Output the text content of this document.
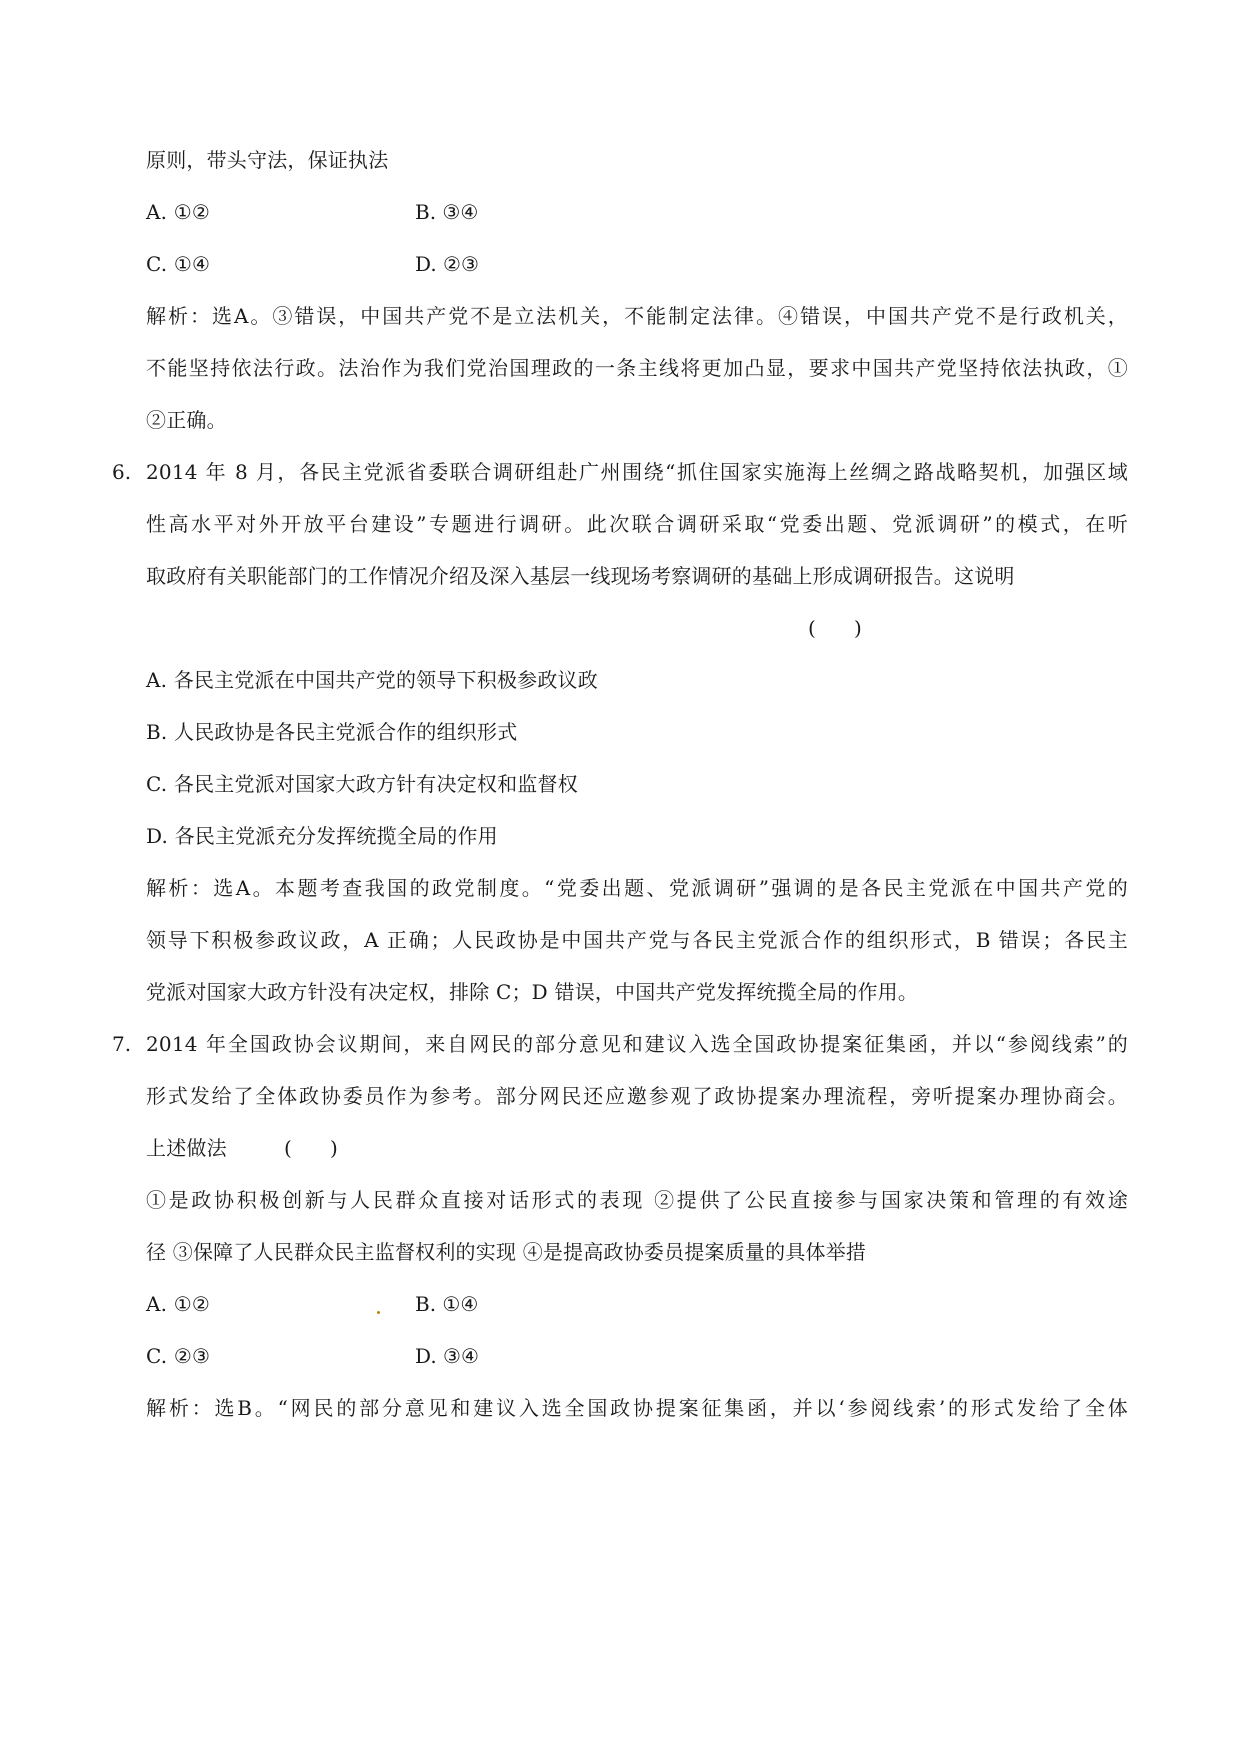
原则，带头守法，保证执法
A. ①②	B. ③④
C. ①④	D. ②③
解析：选A。③错误，中国共产党不是立法机关，不能制定法律。④错误，中国共产党不是行政机关，
不能坚持依法行政。法治作为我们党治国理政的一条主线将更加凸显，要求中国共产党坚持依法执政，①
②正确。
6. 2014 年 8 月，各民主党派省委联合调研组赴广州围绕“抓住国家实施海上丝绸之路战略契机，加强区域
性高水平对外开放平台建设”专题进行调研。此次联合调研采取“党委出题、党派调研”的模式，在听
取政府有关职能部门的工作情况介绍及深入基层一线现场考察调研的基础上形成调研报告。这说明
(      )
A. 各民主党派在中国共产党的领导下积极参政议政
B. 人民政协是各民主党派合作的组织形式
C. 各民主党派对国家大政方针有决定权和监督权
D. 各民主党派充分发挥统揽全局的作用
解析：选A。本题考查我国的政党制度。“党委出题、党派调研”强调的是各民主党派在中国共产党的
领导下积极参政议政，A 正确；人民政协是中国共产党与各民主党派合作的组织形式，B 错误；各民主
党派对国家大政方针没有决定权，排除 C；D 错误，中国共产党发挥统揽全局的作用。
7. 2014 年全国政协会议期间，来自网民的部分意见和建议入选全国政协提案征集函，并以“参阅线索”的
形式发给了全体政协委员作为参考。部分网民还应邀参观了政协提案办理流程，旁听提案办理协商会。
上述做法	(      )
①是政协积极创新与人民群众直接对话形式的表现 ②提供了公民直接参与国家决策和管理的有效途
径 ③保障了人民群众民主监督权利的实现 ④是提高政协委员提案质量的具体举措
A. ①②	B. ①④
C. ②③	D. ③④
解析：选B。“网民的部分意见和建议入选全国政协提案征集函，并以‘参阅线索’的形式发给了全体
